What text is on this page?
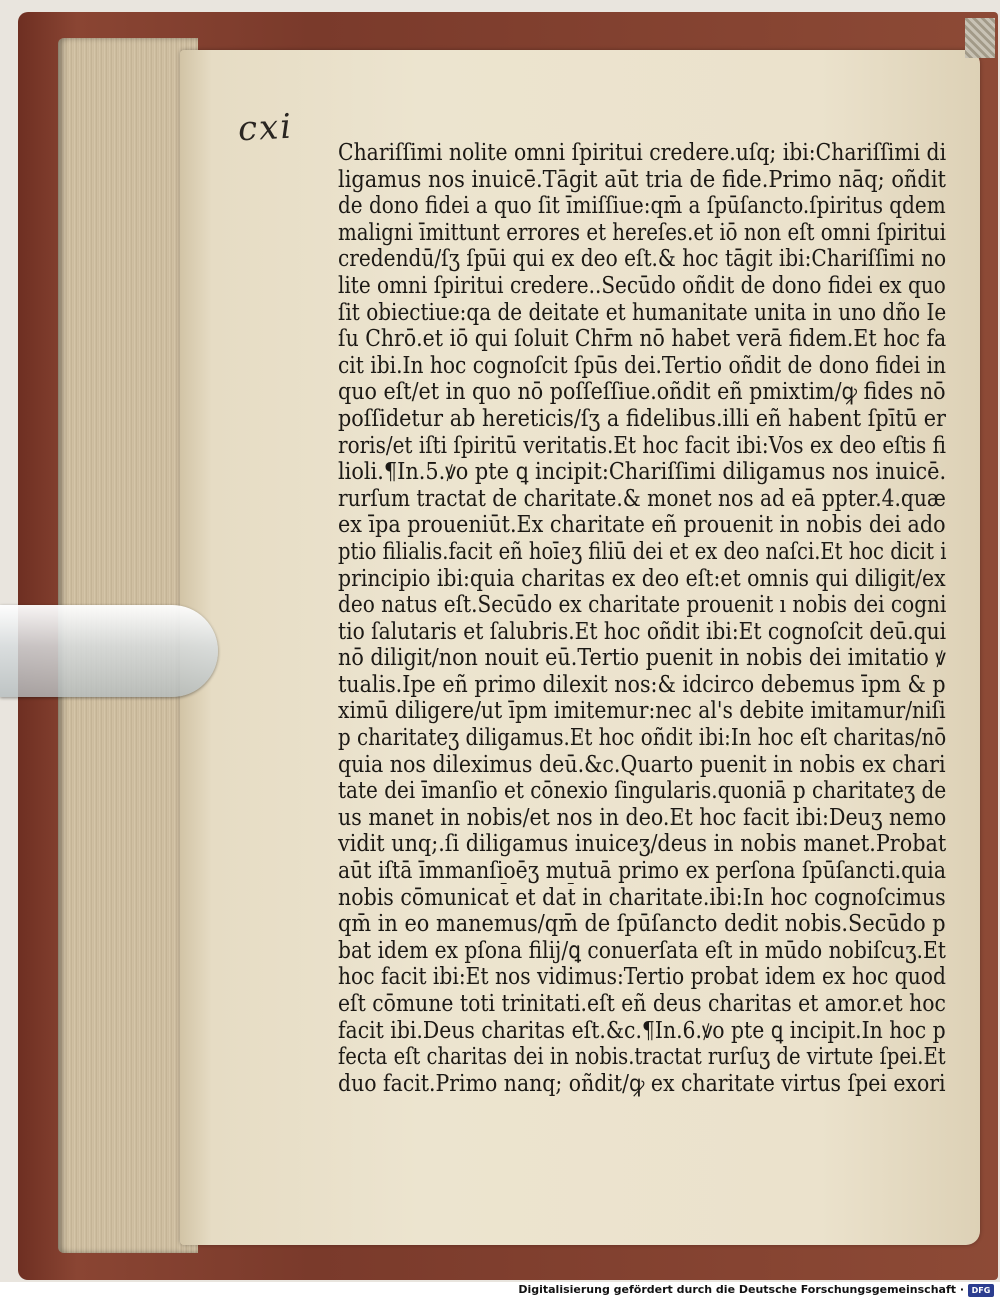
cxi
Chariſſimi nolite omni ſpiritui credere.uſq; ibi:Chariſſimi di
ligamus nos inuicē.Tāgit aūt tria de fide.Primo nāq; oñdit
de dono fidei a quo ſit īmiſſiue:qm̄ a ſpūſancto.ſpiritus qdem
maligni īmittunt errores et hereſes.et iō non eſt omni ſpiritui
credendū/ſʒ ſpūi qui ex deo eſt.& hoc tāgit ibi:Chariſſimi no
lite omni ſpiritui credere..Secūdo oñdit de dono fidei ex quo
ſit obiectiue:qa de deitate et humanitate unita in uno dño Ie
ſu Chrō.et iō qui ſoluit Chr̄m nō habet verā fidem.Et hoc fa
cit ibi.In hoc cognoſcit ſpūs dei.Tertio oñdit de dono fidei in
quo eſt/et in quo nō poſſeſſiue.oñdit eñ pmixtim/ꝙ fides nō
poſſidetur ab hereticis/ſʒ a fidelibus.illi eñ habent ſpītū er
roris/et iſti ſpiritū veritatis.Et hoc facit ibi:Vos ex deo eſtis fi
lioli.¶In.5.ꝟo pte ꝗ incipit:Chariſſimi diligamus nos inuicē.
rurſum tractat de charitate.& monet nos ad eā ppter.4.quæ
ex īpa proueniūt.Ex charitate eñ prouenit in nobis dei ado
ptio filialis.facit eñ hoīeʒ filiū dei et ex deo naſci.Et hoc dicit i
principio ibi:quia charitas ex deo eſt:et omnis qui diligit/ex
deo natus eſt.Secūdo ex charitate prouenit ı nobis dei cogni
tio ſalutaris et ſalubris.Et hoc oñdit ibi:Et cognoſcit deū.qui
nō diligit/non nouit eū.Tertio puenit in nobis dei imitatio ꝟ
tualis.Ipe eñ primo dilexit nos:& idcirco debemus īpm & p
ximū diligere/ut īpm imitemur:nec al's debite imitamur/niſi
p charitateʒ diligamus.Et hoc oñdit ibi:In hoc eſt charitas/nō
quia nos dileximus deū.&c.Quarto puenit in nobis ex chari
tate dei īmanſio et cōnexio ſingularis.quoniā p charitateʒ de
us manet in nobis/et nos in deo.Et hoc facit ibi:Deuʒ nemo
vidit unq;.ſi diligamus inuiceʒ/deus in nobis manet.Probat
aūt iſtā īmmanſioēʒ mutuā primo ex perſona ſpūſancti.quia
nobis cōmunicat̄ et dat̄ in charitate.ibi:In hoc cognoſcimus
qm̄ in eo manemus/qm̄ de ſpūſancto dedit nobis.Secūdo p
bat idem ex pſona filij/ꝗ conuerſata eſt in mūdo nobiſcuʒ.Et
hoc facit ibi:Et nos vidimus:Tertio probat idem ex hoc quod
eſt cōmune toti trinitati.eſt eñ deus charitas et amor.et hoc
facit ibi.Deus charitas eſt.&c.¶In.6.ꝟo pte ꝗ incipit.In hoc p
fecta eſt charitas dei in nobis.tractat rurſuʒ de virtute ſpei.Et
duo facit.Primo nanq; oñdit/ꝙ ex charitate virtus ſpei exori
Digitalisierung gefördert durch die Deutsche Forschungsgemeinschaft · DFG
